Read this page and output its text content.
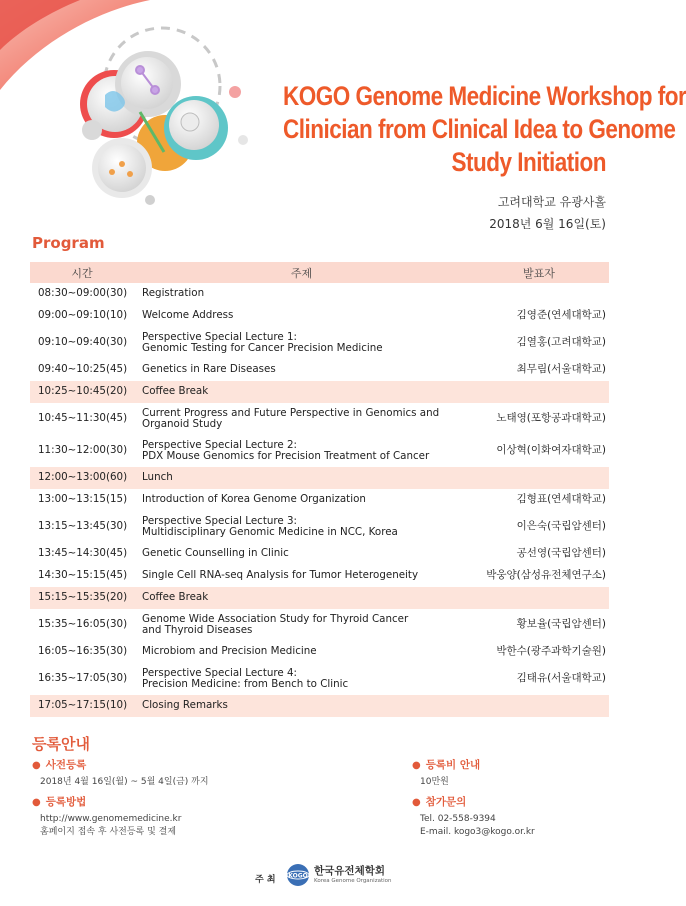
KOGO Genome Medicine Workshop for
Clinician from Clinical Idea to Genome
Study Initiation
고려대학교 유광사홀
2018년 6월 16일(토)
Program
시간	주제	발표자
08:30~09:00(30)	Registration
09:00~09:10(10)	Welcome Address	김영준(연세대학교)
09:10~09:40(30)	Perspective Special Lecture 1:
Genomic Testing for Cancer Precision Medicine	김열홍(고려대학교)
09:40~10:25(45)	Genetics in Rare Diseases	최무림(서울대학교)
10:25~10:45(20)	Coffee Break
10:45~11:30(45)	Current Progress and Future Perspective in Genomics and
Organoid Study	노태영(포항공과대학교)
11:30~12:00(30)	Perspective Special Lecture 2:
PDX Mouse Genomics for Precision Treatment of Cancer	이상혁(이화여자대학교)
12:00~13:00(60)	Lunch
13:00~13:15(15)	Introduction of Korea Genome Organization	김형표(연세대학교)
13:15~13:45(30)	Perspective Special Lecture 3:
Multidisciplinary Genomic Medicine in NCC, Korea	이은숙(국립암센터)
13:45~14:30(45)	Genetic Counselling in Clinic	공선영(국립암센터)
14:30~15:15(45)	Single Cell RNA-seq Analysis for Tumor Heterogeneity	박웅양(삼성유전체연구소)
15:15~15:35(20)	Coffee Break
15:35~16:05(30)	Genome Wide Association Study for Thyroid Cancer
and Thyroid Diseases	황보율(국립암센터)
16:05~16:35(30)	Microbiom and Precision Medicine	박한수(광주과학기술원)
16:35~17:05(30)	Perspective Special Lecture 4:
Precision Medicine: from Bench to Clinic	김태유(서울대학교)
17:05~17:15(10)	Closing Remarks
등록안내
● 사전등록
2018년 4월 16일(월) ~ 5월 4일(금) 까지
● 등록방법
http://www.genomemedicine.kr
홈페이지 접속 후 사전등록 및 결제
● 등록비 안내
10만원
● 참가문의
Tel. 02-558-9394
E-mail. kogo3@kogo.or.kr
주 최 KOGO 한국유전체학회
Korea Genome Organization
